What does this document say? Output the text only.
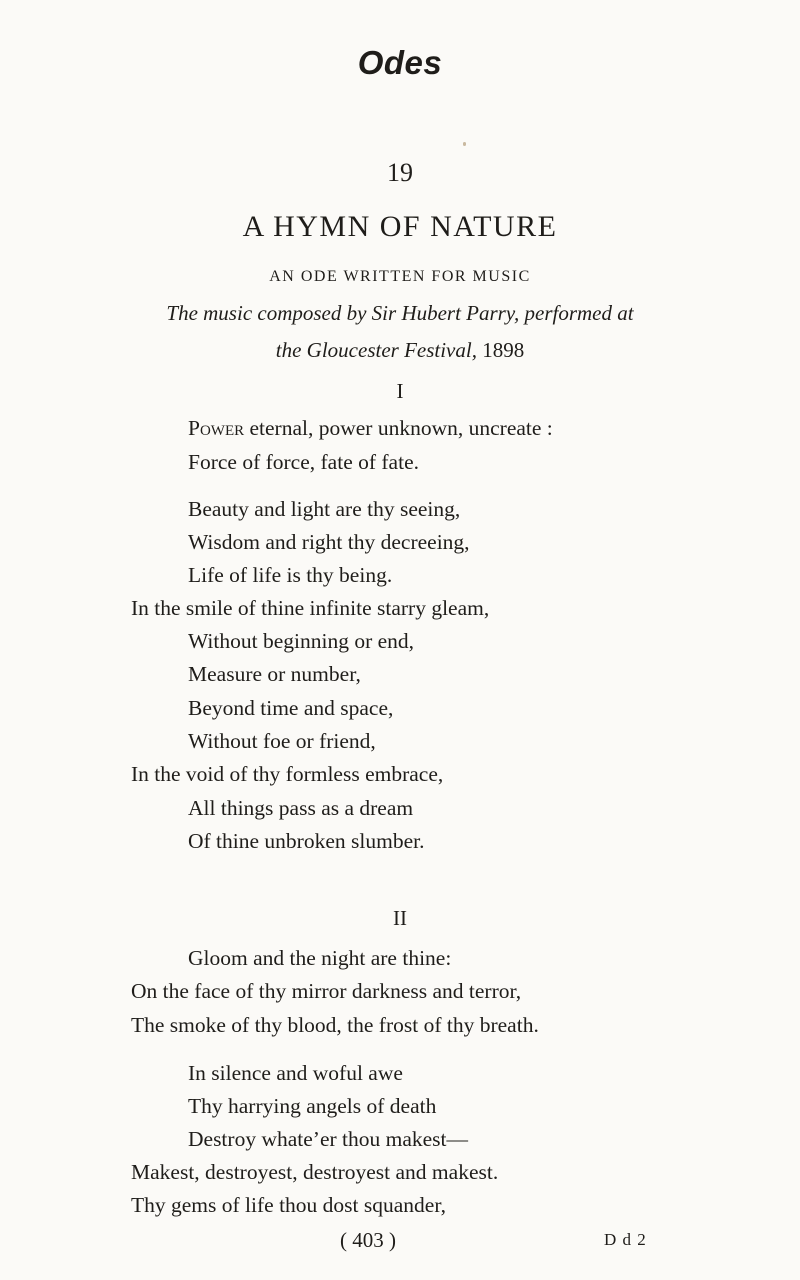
Odes
19
A HYMN OF NATURE
AN ODE WRITTEN FOR MUSIC
The music composed by Sir Hubert Parry, performed at
the Gloucester Festival, 1898
I
Power eternal, power unknown, uncreate :
Force of force, fate of fate.
Beauty and light are thy seeing,
Wisdom and right thy decreeing,
Life of life is thy being.
In the smile of thine infinite starry gleam,
Without beginning or end,
Measure or number,
Beyond time and space,
Without foe or friend,
In the void of thy formless embrace,
All things pass as a dream
Of thine unbroken slumber.
II
Gloom and the night are thine:
On the face of thy mirror darkness and terror,
The smoke of thy blood, the frost of thy breath.
In silence and woful awe
Thy harrying angels of death
Destroy whate’er thou makest—
Makest, destroyest, destroyest and makest.
Thy gems of life thou dost squander,
( 403 )	D d 2
